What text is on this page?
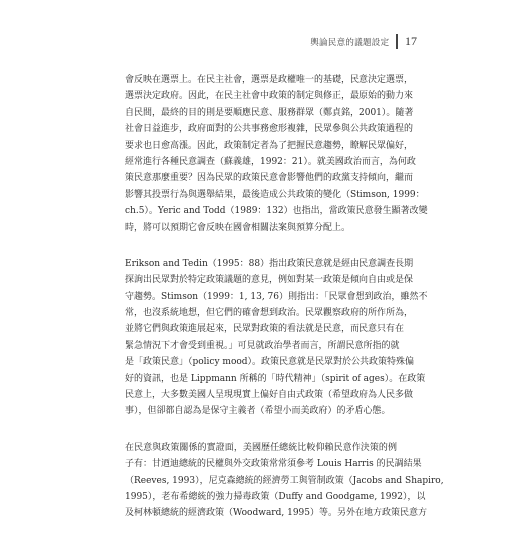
輿論民意的議題設定 17
會反映在選票上。在民主社會，選票是政權唯一的基礎，民意決定選票，
選票決定政府。因此，在民主社會中政策的制定與修正，最原始的動力來
自民間，最終的目的則是要順應民意、服務群眾（鄭貞銘，2001）。隨著
社會日益進步，政府面對的公共事務愈形複雜，民眾參與公共政策過程的
要求也日愈高漲。因此，政策制定者為了把握民意趨勢，瞭解民眾偏好，
經常進行各種民意調查（蘇義雄，1992：21）。就美國政治而言，為何政
策民意那麼重要？因為民眾的政策民意會影響他們的政黨支持傾向，繼而
影響其投票行為與選舉結果，最後造成公共政策的變化（Stimson, 1999：
ch.5）。Yeric and Todd（1989：132）也指出，當政策民意發生顯著改變
時，將可以預期它會反映在國會相關法案與預算分配上。
Erikson and Tedin（1995：88）指出政策民意就是經由民意調查長期
探詢出民眾對於特定政策議題的意見，例如對某一政策是傾向自由或是保
守趨勢。Stimson（1999：1, 13, 76）則指出：「民眾會想到政治，雖然不
常，也沒系統地想，但它們的確會想到政治。民眾觀察政府的所作所為，
並將它們與政策進展起來，民眾對政策的看法就是民意，而民意只有在
緊急情況下才會受到重視。」可見就政治學者而言，所謂民意所指的就
是「政策民意」（policy mood）。政策民意就是民眾對於公共政策特殊偏
好的資訊，也是 Lippmann 所稱的「時代精神」（spirit of ages）。在政策
民意上，大多數美國人呈現現實上偏好自由式政策（希望政府為人民多做
事），但卻都自認為是保守主義者（希望小而美政府）的矛盾心態。
在民意與政策關係的實證面，美國歷任總統比較仰賴民意作決策的例
子有：甘迺迪總統的民權與外交政策常常須參考 Louis Harris 的民調結果
（Reeves, 1993），尼克森總統的經濟勞工與管制政策（Jacobs and Shapiro,
1995），老布希總統的強力掃毒政策（Duffy and Goodgame, 1992），以
及柯林頓總統的經濟政策（Woodward, 1995）等。另外在地方政策民意方
